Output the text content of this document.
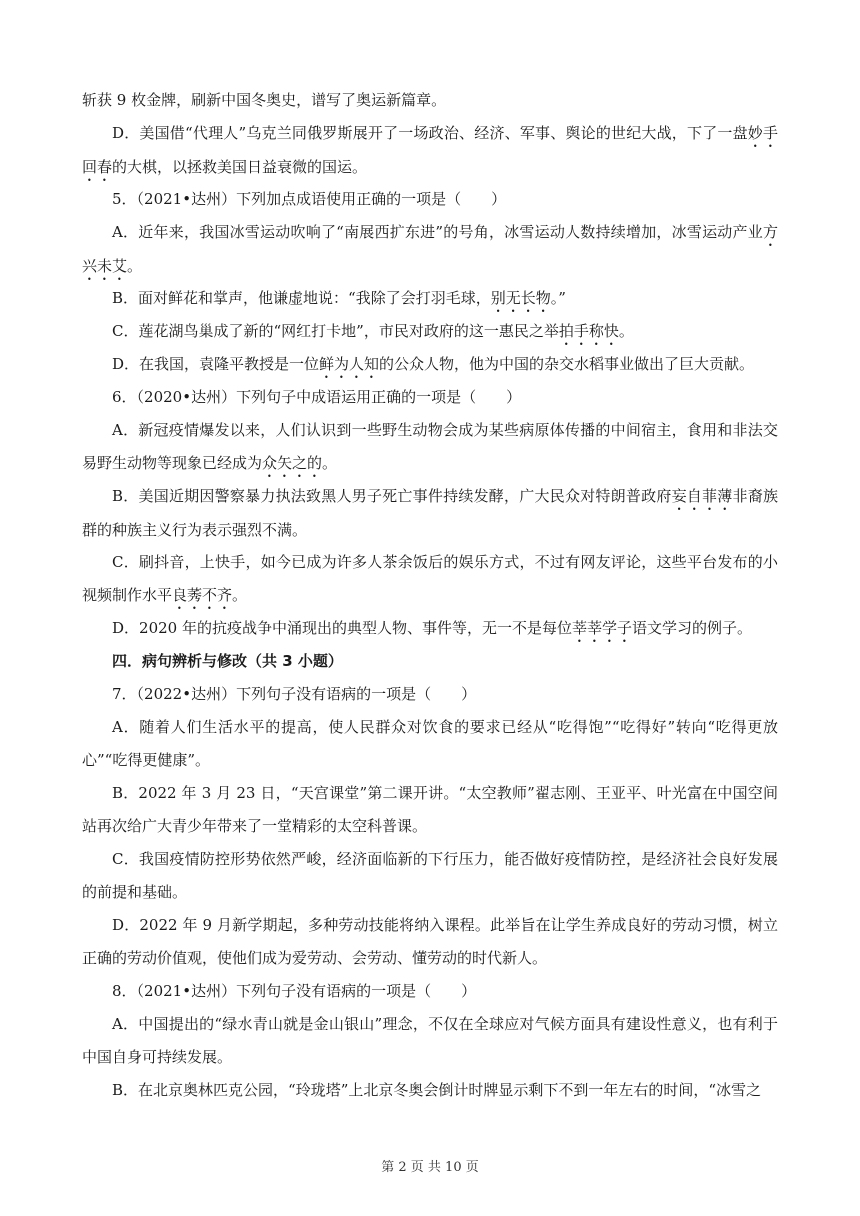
斩获 9 枚金牌，刷新中国冬奥史，谱写了奥运新篇章。
D．美国借“代理人”乌克兰同俄罗斯展开了一场政治、经济、军事、舆论的世纪大战，下了一盘妙手回春的大棋，以拯救美国日益衰微的国运。
5．（2021•达州）下列加点成语使用正确的一项是（　　）
A．近年来，我国冰雪运动吹响了“南展西扩东进”的号角，冰雪运动人数持续增加，冰雪运动产业方兴未艾。
B．面对鲜花和掌声，他谦虚地说：“我除了会打羽毛球，别无长物。”
C．莲花湖鸟巢成了新的“网红打卡地”，市民对政府的这一惠民之举拍手称快。
D．在我国，袁隆平教授是一位鲜为人知的公众人物，他为中国的杂交水稻事业做出了巨大贡献。
6．（2020•达州）下列句子中成语运用正确的一项是（　　）
A．新冠疫情爆发以来，人们认识到一些野生动物会成为某些病原体传播的中间宿主，食用和非法交易野生动物等现象已经成为众矢之的。
B．美国近期因警察暴力执法致黑人男子死亡事件持续发酵，广大民众对特朗普政府妄自菲薄非裔族群的种族主义行为表示强烈不满。
C．刷抖音，上快手，如今已成为许多人茶余饭后的娱乐方式，不过有网友评论，这些平台发布的小视频制作水平良莠不齐。
D．2020 年的抗疫战争中涌现出的典型人物、事件等，无一不是每位莘莘学子语文学习的例子。
四．病句辨析与修改（共 3 小题）
7．（2022•达州）下列句子没有语病的一项是（　　）
A．随着人们生活水平的提高，使人民群众对饮食的要求已经从“吃得饱”“吃得好”转向“吃得更放心”“吃得更健康”。
B．2022 年 3 月 23 日，“天宫课堂”第二课开讲。“太空教师”翟志刚、王亚平、叶光富在中国空间站再次给广大青少年带来了一堂精彩的太空科普课。
C．我国疫情防控形势依然严峻，经济面临新的下行压力，能否做好疫情防控，是经济社会良好发展的前提和基础。
D．2022 年 9 月新学期起，多种劳动技能将纳入课程。此举旨在让学生养成良好的劳动习惯，树立正确的劳动价值观，使他们成为爱劳动、会劳动、懂劳动的时代新人。
8．（2021•达州）下列句子没有语病的一项是（　　）
A．中国提出的“绿水青山就是金山银山”理念，不仅在全球应对气候方面具有建设性意义，也有利于中国自身可持续发展。
B．在北京奥林匹克公园，“玲珑塔”上北京冬奥会倒计时牌显示剩下不到一年左右的时间，“冰雪之
第 2 页 共 10 页
